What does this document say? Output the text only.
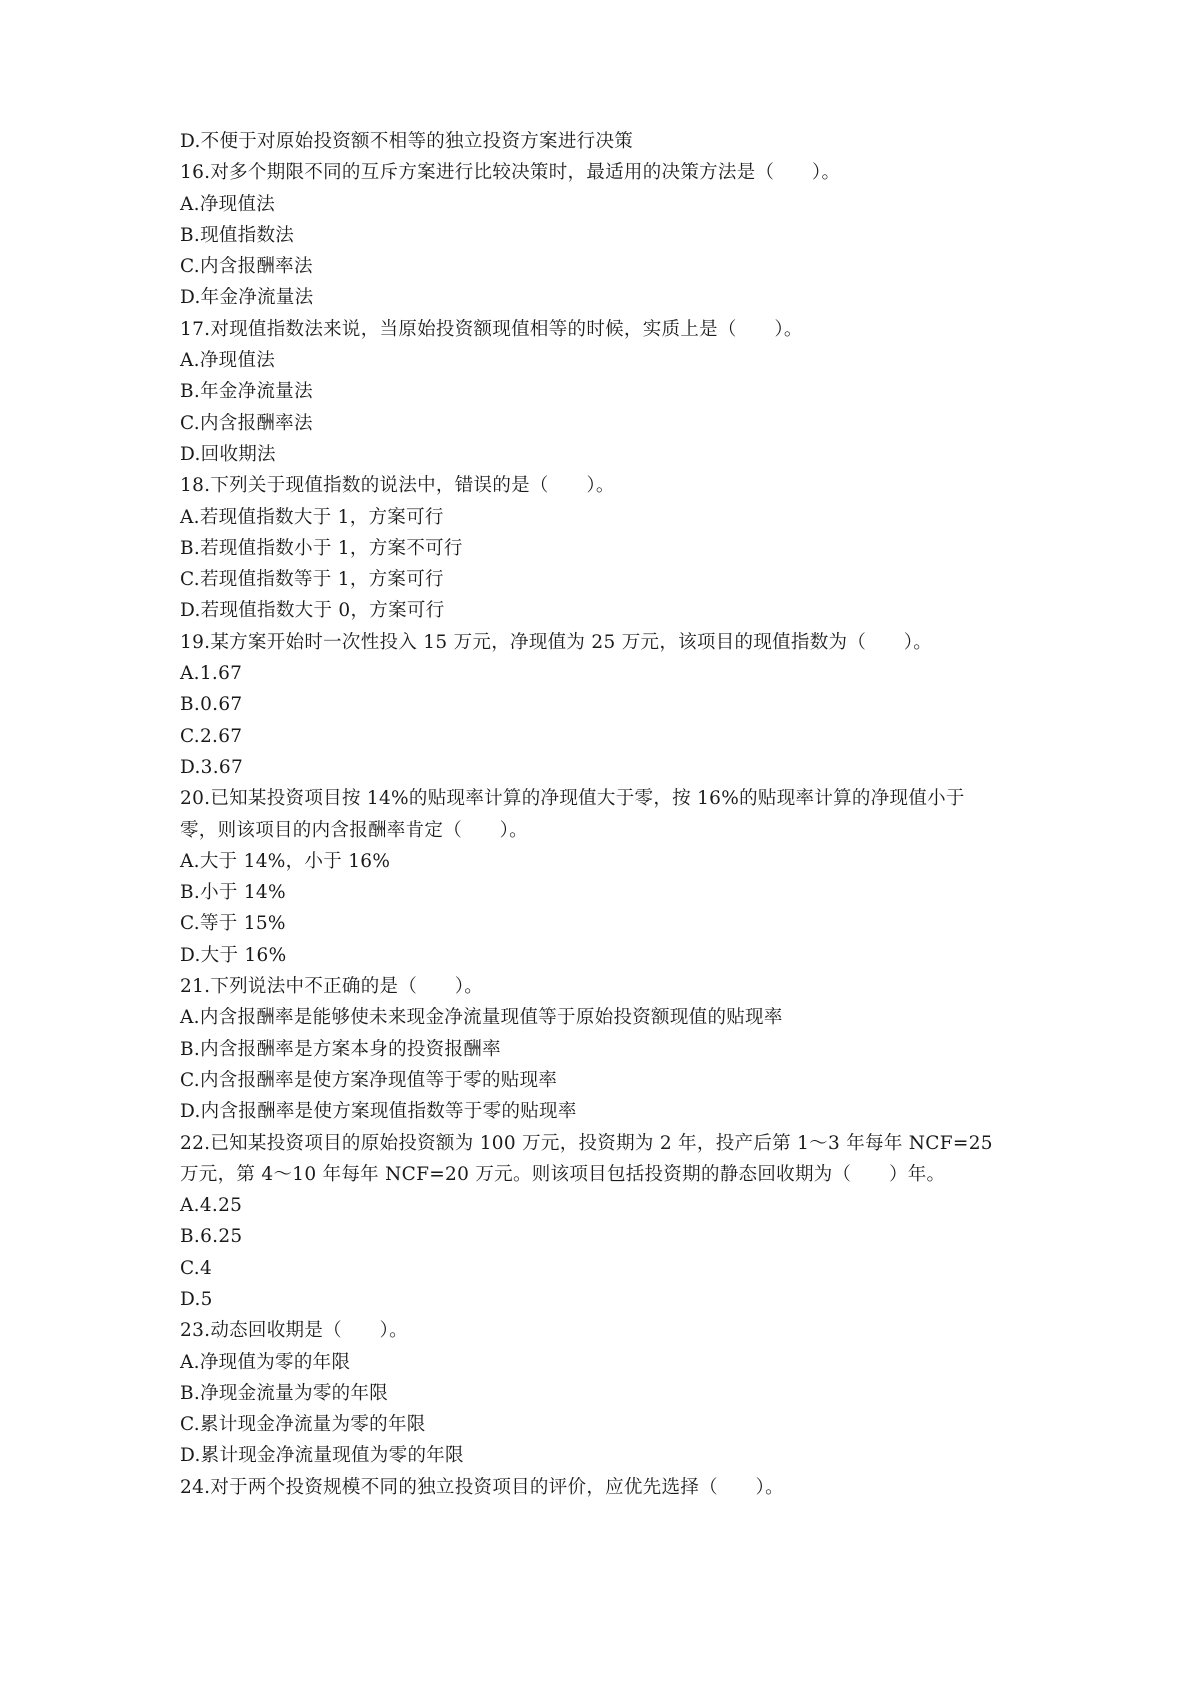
D.不便于对原始投资额不相等的独立投资方案进行决策
16.对多个期限不同的互斥方案进行比较决策时，最适用的决策方法是（　　）。
A.净现值法
B.现值指数法
C.内含报酬率法
D.年金净流量法
17.对现值指数法来说，当原始投资额现值相等的时候，实质上是（　　）。
A.净现值法
B.年金净流量法
C.内含报酬率法
D.回收期法
18.下列关于现值指数的说法中，错误的是（　　）。
A.若现值指数大于 1，方案可行
B.若现值指数小于 1，方案不可行
C.若现值指数等于 1，方案可行
D.若现值指数大于 0，方案可行
19.某方案开始时一次性投入 15 万元，净现值为 25 万元，该项目的现值指数为（　　）。
A.1.67
B.0.67
C.2.67
D.3.67
20.已知某投资项目按 14%的贴现率计算的净现值大于零，按 16%的贴现率计算的净现值小于
零，则该项目的内含报酬率肯定（　　）。
A.大于 14%，小于 16%
B.小于 14%
C.等于 15%
D.大于 16%
21.下列说法中不正确的是（　　）。
A.内含报酬率是能够使未来现金净流量现值等于原始投资额现值的贴现率
B.内含报酬率是方案本身的投资报酬率
C.内含报酬率是使方案净现值等于零的贴现率
D.内含报酬率是使方案现值指数等于零的贴现率
22.已知某投资项目的原始投资额为 100 万元，投资期为 2 年，投产后第 1～3 年每年 NCF=25
万元，第 4～10 年每年 NCF=20 万元。则该项目包括投资期的静态回收期为（　　）年。
A.4.25
B.6.25
C.4
D.5
23.动态回收期是（　　）。
A.净现值为零的年限
B.净现金流量为零的年限
C.累计现金净流量为零的年限
D.累计现金净流量现值为零的年限
24.对于两个投资规模不同的独立投资项目的评价，应优先选择（　　）。
